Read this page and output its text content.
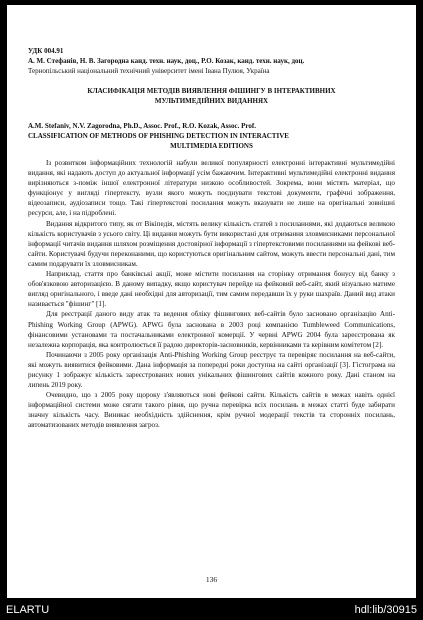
УДК 004.91

А. М. Стефанів, Н. В. Загородна канд. техн. наук, доц., Р.О. Козак, канд. техн. наук, доц.

Тернопільський національний технічний університет імені Івана Пулюя, Україна

КЛАСИФІКАЦІЯ МЕТОДІВ ВИЯВЛЕННЯ ФІШИНГУ В ІНТЕРАКТИВНИХ

МУЛЬТИМЕДІЙНИХ ВИДАННЯХ

A.M. Stefaniv, N.V. Zagorodna, Ph.D., Assoc. Prof., R.O. Kozak, Assoc. Prof.

CLASSIFICATION OF METHODS OF PHISHING DETECTION IN INTERACTIVE

MULTIMEDIA EDITIONS

Із розвитком інформаційних технологій набули великої популярності електронні інтерактивні мультимедійні видання, які надають доступ до актуальної інформації усім бажаючим. Інтерактивні мультимедійні електронні видання вирізняються з-поміж іншої електронної літератури низкою особливостей. Зокрема, вони містять матеріал, що функціонує у вигляді гіпертексту, вузли якого можуть поєднувати текстові документи, графічні зображення, відеозаписи, аудіозаписи тощо. Такі гіпертекстові посилання можуть вказувати не лише на оригінальні зовнішні ресурси, але, і на підроблені.

Видання відкритого типу, як от Вікіпедія, містять велику кількість статей з посиланнями, які додаються великою кількість користувачів з усього світу. Ці видання можуть бути використані для отримання зловмисниками персональної інформації читачів видання шляхом розміщення достовірної інформації з гіпертекстовими посиланнями на фейкові веб-сайти. Користувачі будучи переконаними, що користуються оригінальним сайтом, можуть ввести персональні дані, тим самим подарувати їх зловмисникам.

Наприклад, стаття про банківські акції, може містити посилання на сторінку отримання бонусу від банку з обов'язковою авторизацією. В даному випадку, якщо користувач перейде на фейковий веб-сайт, який візуально матиме вигляд оригінального, і введе дані необхідні для авторизації, тим самим передавши їх у руки шахраїв. Даний вид атаки називається "фішинг" [1].

Для реєстрації даного виду атак та ведення обліку фішингових веб-сайтів було засновано організацію Anti-Phishing Working Group (APWG). APWG була заснована в 2003 році компанією Tumbleweed Communications, фінансовими установами та постачальниками електронної комерції. У червні APWG 2004 була зареєстрована як незалежна корпорація, яка контролюється її радою директорів-засновників, кервінниками та керівним комітетом [2].

Починаючи з 2005 року організація Anti-Phishing Working Group реєструє та перевіряє посилання на веб-сайти, які можуть виявитися фейковими. Дана інформація за попередні роки доступна на сайті організації [3]. Гістограма на рисунку 1 зображує кількість зареєстрованих нових унікальних фішингових сайтів кожного року. Дані станом на липень 2019 року.

Очевидно, що з 2005 року щороку з'являються нові фейкові сайти. Кількість сайтів в межах навіть однієї інформаційної системи може сягати такого рівня, що ручна перевірка всіх посилань в межах статті буде забирати значну кількість часу. Виникає необхідність здійснення, крім ручної модерації текстів та сторонніх посилань, автоматизованих методів виявлення загроз.

136
ELARTU	hdl:lib/30915
